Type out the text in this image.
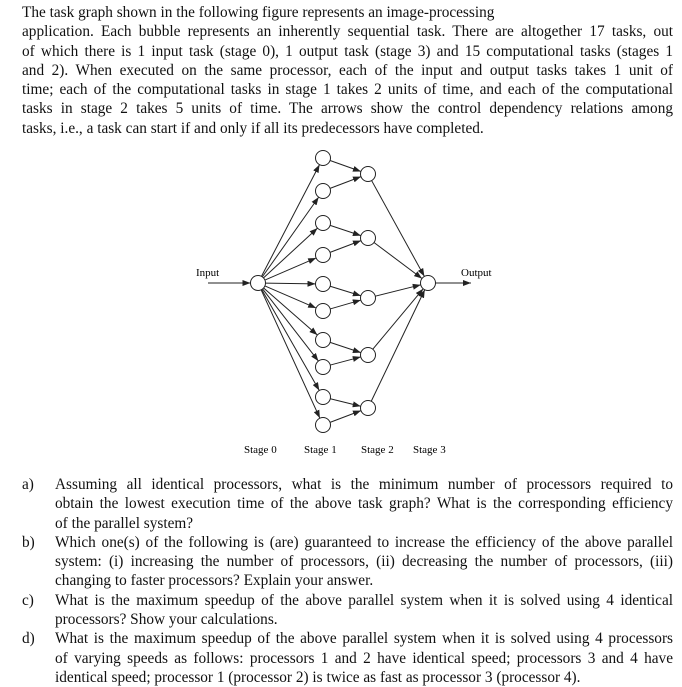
The task graph shown in the following figure represents an image-processing
application. Each bubble represents an inherently sequential task. There are altogether 17 tasks, out
of which there is 1 input task (stage 0), 1 output task (stage 3) and 15 computational tasks (stages 1
and 2). When executed on the same processor, each of the input and output tasks takes 1 unit of
time; each of the computational tasks in stage 1 takes 2 units of time, and each of the computational
tasks in stage 2 takes 5 units of time. The arrows show the control dependency relations among
tasks, i.e., a task can start if and only if all its predecessors have completed.
Input	Output
Stage 0 Stage 1 Stage 2 Stage 3
a) Assuming all identical processors, what is the minimum number of processors required to
obtain the lowest execution time of the above task graph? What is the corresponding efficiency
of the parallel system?
b) Which one(s) of the following is (are) guaranteed to increase the efficiency of the above parallel
system: (i) increasing the number of processors, (ii) decreasing the number of processors, (iii)
changing to faster processors? Explain your answer.
c) What is the maximum speedup of the above parallel system when it is solved using 4 identical
processors? Show your calculations.
d) What is the maximum speedup of the above parallel system when it is solved using 4 processors
of varying speeds as follows: processors 1 and 2 have identical speed; processors 3 and 4 have
identical speed; processor 1 (processor 2) is twice as fast as processor 3 (processor 4).
